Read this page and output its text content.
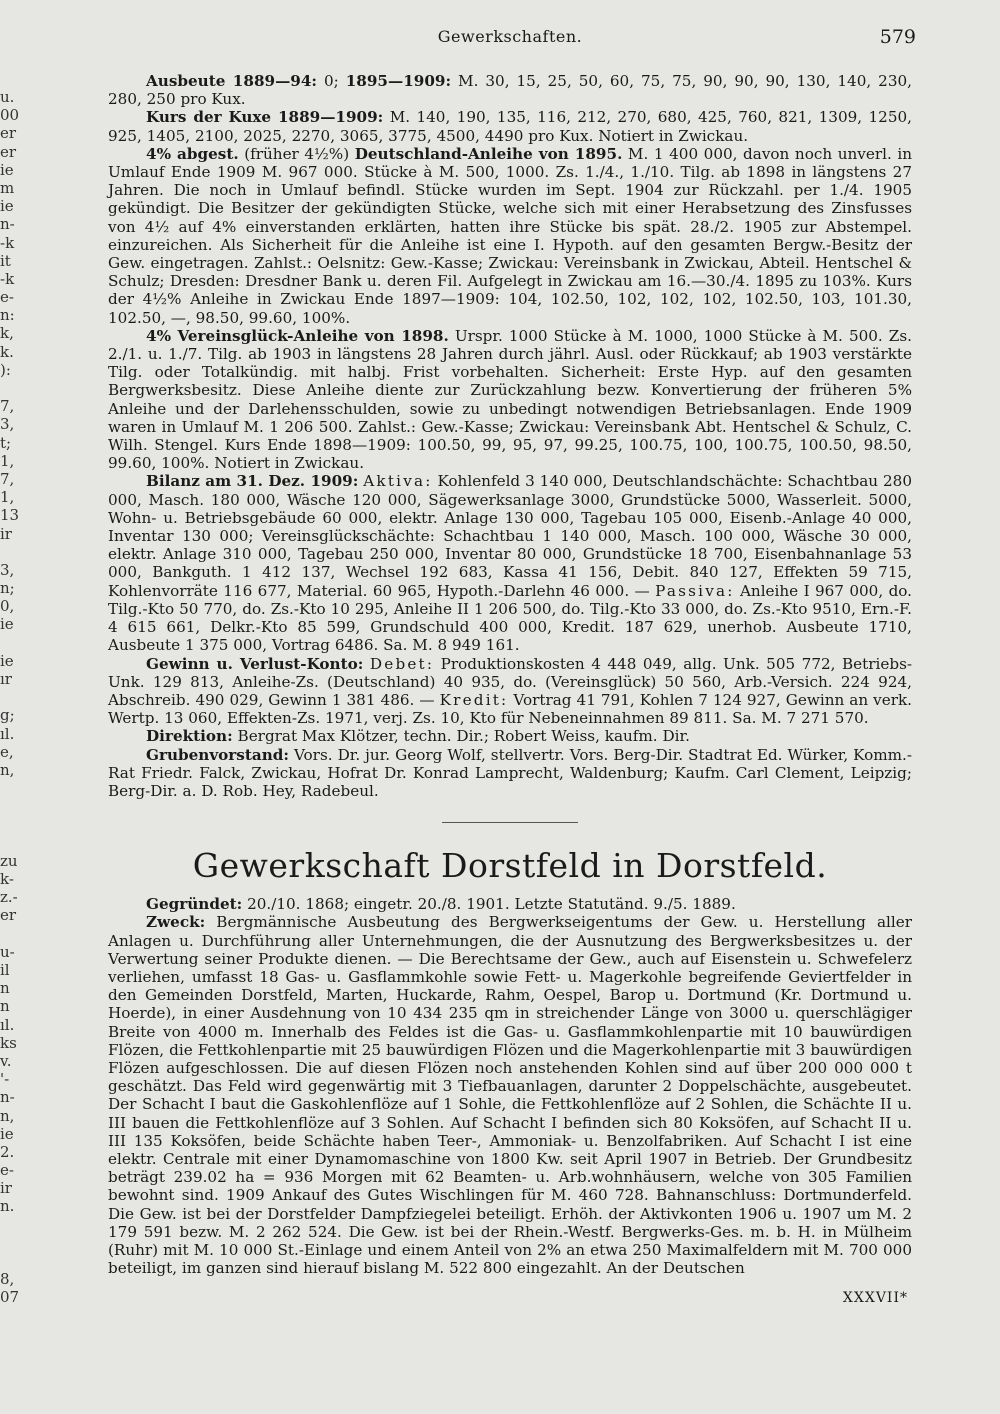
u.
00
er
er
ie
m
ie
n-
-k
it
-k
e-
n:
k,
k.
):
7,
3,
t;
1,
7,
1,
13
ir
3,
n;
0,
ie
ie
ır
g;
ıl.
e,
n,
zu
k-
z.-
er
u-
il
n
n
ıl.
ks
v.
'-
n-
n,
ie
2.
e-
ir
n.
8,
07
Gewerkschaften.	579

Ausbeute 1889—94: 0; 1895—1909: M. 30, 15, 25, 50, 60, 75, 75, 90, 90, 90, 130, 140, 230, 280, 250 pro Kux.

Kurs der Kuxe 1889—1909: M. 140, 190, 135, 116, 212, 270, 680, 425, 760, 821, 1309, 1250, 925, 1405, 2100, 2025, 2270, 3065, 3775, 4500, 4490 pro Kux. Notiert in Zwickau.

4% abgest. (früher 4½%) Deutschland-Anleihe von 1895. M. 1 400 000, davon noch unverl. in Umlauf Ende 1909 M. 967 000. Stücke à M. 500, 1000. Zs. 1./4., 1./10. Tilg. ab 1898 in längstens 27 Jahren. Die noch in Umlauf befindl. Stücke wurden im Sept. 1904 zur Rückzahl. per 1./4. 1905 gekündigt. Die Besitzer der gekündigten Stücke, welche sich mit einer Herabsetzung des Zinsfusses von 4½ auf 4% einverstanden erklärten, hatten ihre Stücke bis spät. 28./2. 1905 zur Abstempel. einzureichen. Als Sicherheit für die Anleihe ist eine I. Hypoth. auf den gesamten Bergw.-Besitz der Gew. eingetragen. Zahlst.: Oelsnitz: Gew.-Kasse; Zwickau: Vereinsbank in Zwickau, Abteil. Hentschel & Schulz; Dresden: Dresdner Bank u. deren Fil. Aufgelegt in Zwickau am 16.—30./4. 1895 zu 103%. Kurs der 4½% Anleihe in Zwickau Ende 1897—1909: 104, 102.50, 102, 102, 102, 102.50, 103, 101.30, 102.50, —, 98.50, 99.60, 100%.

4% Vereinsglück-Anleihe von 1898. Urspr. 1000 Stücke à M. 1000, 1000 Stücke à M. 500. Zs. 2./1. u. 1./7. Tilg. ab 1903 in längstens 28 Jahren durch jährl. Ausl. oder Rückkauf; ab 1903 verstärkte Tilg. oder Totalkündig. mit halbj. Frist vorbehalten. Sicherheit: Erste Hyp. auf den gesamten Bergwerksbesitz. Diese Anleihe diente zur Zurückzahlung bezw. Konvertierung der früheren 5% Anleihe und der Darlehensschulden, sowie zu unbedingt notwendigen Betriebsanlagen. Ende 1909 waren in Umlauf M. 1 206 500. Zahlst.: Gew.-Kasse; Zwickau: Vereinsbank Abt. Hentschel & Schulz, C. Wilh. Stengel. Kurs Ende 1898—1909: 100.50, 99, 95, 97, 99.25, 100.75, 100, 100.75, 100.50, 98.50, 99.60, 100%. Notiert in Zwickau.

Bilanz am 31. Dez. 1909: Aktiva: Kohlenfeld 3 140 000, Deutschlandschächte: Schachtbau 280 000, Masch. 180 000, Wäsche 120 000, Sägewerksanlage 3000, Grundstücke 5000, Wasserleit. 5000, Wohn- u. Betriebsgebäude 60 000, elektr. Anlage 130 000, Tagebau 105 000, Eisenb.-Anlage 40 000, Inventar 130 000; Vereinsglückschächte: Schachtbau 1 140 000, Masch. 100 000, Wäsche 30 000, elektr. Anlage 310 000, Tagebau 250 000, Inventar 80 000, Grundstücke 18 700, Eisenbahnanlage 53 000, Bankguth. 1 412 137, Wechsel 192 683, Kassa 41 156, Debit. 840 127, Effekten 59 715, Kohlenvorräte 116 677, Material. 60 965, Hypoth.-Darlehn 46 000. — Passiva: Anleihe I 967 000, do. Tilg.-Kto 50 770, do. Zs.-Kto 10 295, Anleihe II 1 206 500, do. Tilg.-Kto 33 000, do. Zs.-Kto 9510, Ern.-F. 4 615 661, Delkr.-Kto 85 599, Grundschuld 400 000, Kredit. 187 629, unerhob. Ausbeute 1710, Ausbeute 1 375 000, Vortrag 6486. Sa. M. 8 949 161.

Gewinn u. Verlust-Konto: Debet: Produktionskosten 4 448 049, allg. Unk. 505 772, Betriebs-Unk. 129 813, Anleihe-Zs. (Deutschland) 40 935, do. (Vereinsglück) 50 560, Arb.-Versich. 224 924, Abschreib. 490 029, Gewinn 1 381 486. — Kredit: Vortrag 41 791, Kohlen 7 124 927, Gewinn an verk. Wertp. 13 060, Effekten-Zs. 1971, verj. Zs. 10, Kto für Nebeneinnahmen 89 811. Sa. M. 7 271 570.

Direktion: Bergrat Max Klötzer, techn. Dir.; Robert Weiss, kaufm. Dir.

Grubenvorstand: Vors. Dr. jur. Georg Wolf, stellvertr. Vors. Berg-Dir. Stadtrat Ed. Würker, Komm.-Rat Friedr. Falck, Zwickau, Hofrat Dr. Konrad Lamprecht, Waldenburg; Kaufm. Carl Clement, Leipzig; Berg-Dir. a. D. Rob. Hey, Radebeul.

Gewerkschaft Dorstfeld in Dorstfeld.

Gegründet: 20./10. 1868; eingetr. 20./8. 1901. Letzte Statutänd. 9./5. 1889.

Zweck: Bergmännische Ausbeutung des Bergwerkseigentums der Gew. u. Herstellung aller Anlagen u. Durchführung aller Unternehmungen, die der Ausnutzung des Bergwerksbesitzes u. der Verwertung seiner Produkte dienen. — Die Berechtsame der Gew., auch auf Eisenstein u. Schwefelerz verliehen, umfasst 18 Gas- u. Gasflammkohle sowie Fett- u. Magerkohle begreifende Geviertfelder in den Gemeinden Dorstfeld, Marten, Huckarde, Rahm, Oespel, Barop u. Dortmund (Kr. Dortmund u. Hoerde), in einer Ausdehnung von 10 434 235 qm in streichender Länge von 3000 u. querschlägiger Breite von 4000 m. Innerhalb des Feldes ist die Gas- u. Gasflammkohlenpartie mit 10 bauwürdigen Flözen, die Fettkohlenpartie mit 25 bauwürdigen Flözen und die Magerkohlenpartie mit 3 bauwürdigen Flözen aufgeschlossen. Die auf diesen Flözen noch anstehenden Kohlen sind auf über 200 000 000 t geschätzt. Das Feld wird gegenwärtig mit 3 Tiefbauanlagen, darunter 2 Doppelschächte, ausgebeutet. Der Schacht I baut die Gaskohlenflöze auf 1 Sohle, die Fettkohlenflöze auf 2 Sohlen, die Schächte II u. III bauen die Fettkohlenflöze auf 3 Sohlen. Auf Schacht I befinden sich 80 Koksöfen, auf Schacht II u. III 135 Koksöfen, beide Schächte haben Teer-, Ammoniak- u. Benzolfabriken. Auf Schacht I ist eine elektr. Centrale mit einer Dynamomaschine von 1800 Kw. seit April 1907 in Betrieb. Der Grundbesitz beträgt 239.02 ha = 936 Morgen mit 62 Beamten- u. Arb.wohnhäusern, welche von 305 Familien bewohnt sind. 1909 Ankauf des Gutes Wischlingen für M. 460 728. Bahnanschluss: Dortmunderfeld. Die Gew. ist bei der Dorstfelder Dampfziegelei beteiligt. Erhöh. der Aktivkonten 1906 u. 1907 um M. 2 179 591 bezw. M. 2 262 524. Die Gew. ist bei der Rhein.-Westf. Bergwerks-Ges. m. b. H. in Mülheim (Ruhr) mit M. 10 000 St.-Einlage und einem Anteil von 2% an etwa 250 Maximalfeldern mit M. 700 000 beteiligt, im ganzen sind hierauf bislang M. 522 800 eingezahlt. An der Deutschen

XXXVII*
